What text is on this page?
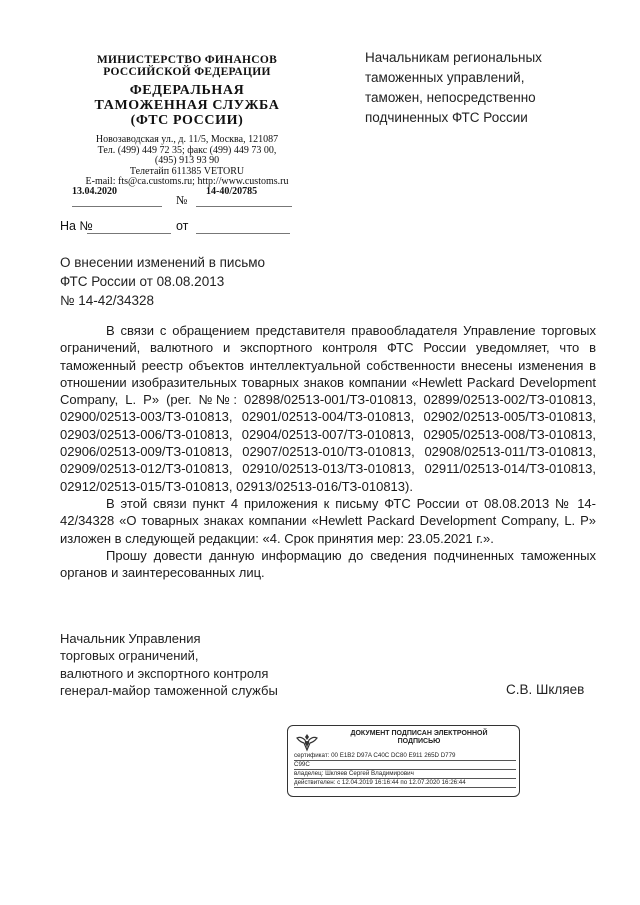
МИНИСТЕРСТВО ФИНАНСОВ
РОССИЙСКОЙ ФЕДЕРАЦИИ
ФЕДЕРАЛЬНАЯ
ТАМОЖЕННАЯ СЛУЖБА
(ФТС РОССИИ)
Новозаводская ул., д. 11/5, Москва, 121087
Тел. (499) 449 72 35; факс (499) 449 73 00,
(495) 913 93 90
Телетайп 611385 VETORU
E-mail: fts@ca.customs.ru; http://www.customs.ru
13.04.2020
№
14-40/20785
На №	от
Начальникам региональных
таможенных управлений,
таможен, непосредственно
подчиненных ФТС России
О внесении изменений в письмо
ФТС России от 08.08.2013
№ 14-42/34328

В связи с обращением представителя правообладателя Управление торговых ограничений, валютного и экспортного контроля ФТС России уведомляет, что в таможенный реестр объектов интеллектуальной собственности внесены изменения в отношении изобразительных товарных знаков компании «Hewlett Packard Development Company, L. P» (рег. №№: 02898/02513-001/ТЗ-010813, 02899/02513-002/ТЗ-010813, 02900/02513-003/ТЗ-010813, 02901/02513-004/ТЗ-010813, 02902/02513-005/ТЗ-010813, 02903/02513-006/ТЗ-010813, 02904/02513-007/ТЗ-010813, 02905/02513-008/ТЗ-010813, 02906/02513-009/ТЗ-010813, 02907/02513-010/ТЗ-010813, 02908/02513-011/ТЗ-010813, 02909/02513-012/ТЗ-010813, 02910/02513-013/ТЗ-010813, 02911/02513-014/ТЗ-010813, 02912/02513-015/ТЗ-010813, 02913/02513-016/ТЗ-010813).

В этой связи пункт 4 приложения к письму ФТС России от 08.08.2013 № 14-42/34328 «О товарных знаках компании «Hewlett Packard Development Company, L. P» изложен в следующей редакции: «4. Срок принятия мер: 23.05.2021 г.».

Прошу довести данную информацию до сведения подчиненных таможенных органов и заинтересованных лиц.

Начальник Управления
торговых ограничений,
валютного и экспортного контроля
генерал-майор таможенной службы	С.В. Шкляев
ДОКУМЕНТ ПОДПИСАН ЭЛЕКТРОННОЙ
ПОДПИСЬЮ
сертификат: 00 E1B2 D97A C40C DC80 E911 265D D779
C99C
владелец: Шкляев Сергей Владимирович
действителен: с 12.04.2019 16:16:44 по 12.07.2020 16:26:44
